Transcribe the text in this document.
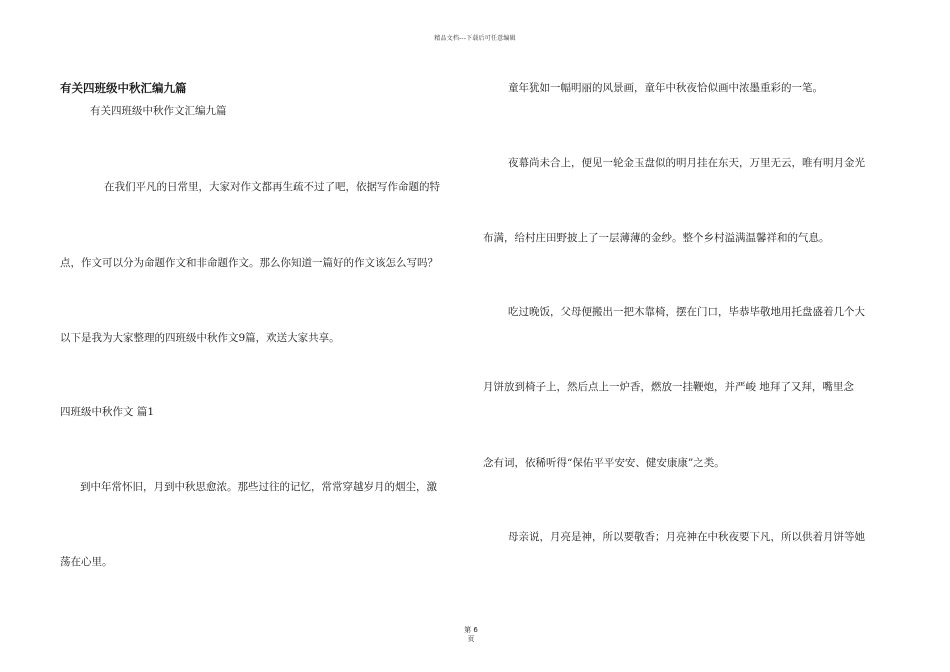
精品文档---下载后可任意编辑
有关四班级中秋汇编九篇
有关四班级中秋作文汇编九篇
在我们平凡的日常里，大家对作文都再生疏不过了吧，依据写作命题的特
点，作文可以分为命题作文和非命题作文。那么你知道一篇好的作文该怎么写吗？
以下是我为大家整理的四班级中秋作文9篇，欢送大家共享。
四班级中秋作文 篇1
到中年常怀旧，月到中秋思愈浓。那些过往的记忆，常常穿越岁月的烟尘，激
荡在心里。
童年犹如一幅明丽的风景画，童年中秋夜恰似画中浓墨重彩的一笔。
夜幕尚未合上，便见一轮金玉盘似的明月挂在东天，万里无云，唯有明月金光
布满，给村庄田野披上了一层薄薄的金纱。整个乡村溢满温馨祥和的气息。
吃过晚饭，父母便搬出一把木靠椅，摆在门口，毕恭毕敬地用托盘盛着几个大
月饼放到椅子上，然后点上一炉香，燃放一挂鞭炮，并严峻 地拜了又拜，嘴里念
念有词，依稀听得“保佑平平安安、健安康康”之类。
母亲说，月亮是神，所以要敬香；月亮神在中秋夜要下凡，所以供着月饼等她
第 6
页
